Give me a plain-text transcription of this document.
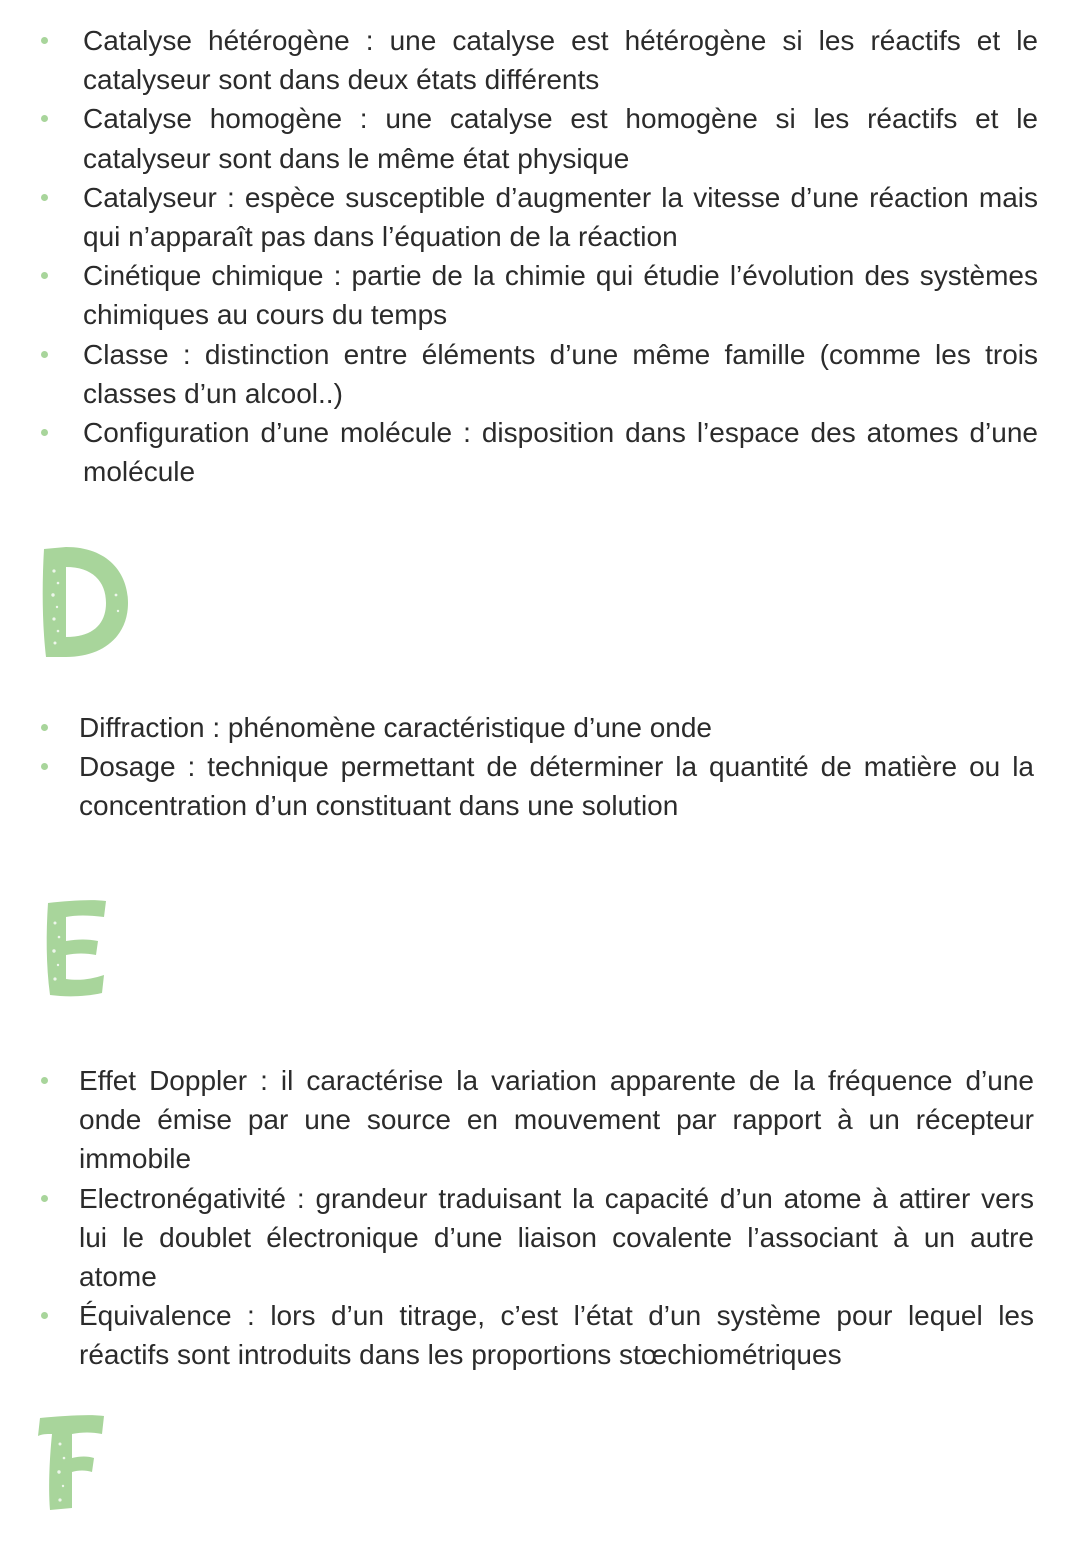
Catalyse hétérogène : une catalyse est hétérogène si les réactifs et le catalyseur sont dans deux états différents
Catalyse homogène : une catalyse est homogène si les réactifs et le catalyseur sont dans le même état physique
Catalyseur : espèce susceptible d’augmenter la vitesse d’une réaction mais qui n’apparaît pas dans l’équation de la réaction
Cinétique chimique : partie de la chimie qui étudie l’évolution des systèmes chimiques au cours du temps
Classe : distinction entre éléments d’une même famille (comme les trois classes d’un alcool..)
Configuration d’une molécule : disposition dans l’espace des atomes d’une molécule
Diffraction : phénomène caractéristique d’une onde
Dosage : technique permettant de déterminer la quantité de matière ou la concentration d’un constituant dans une solution
Effet Doppler : il caractérise la variation apparente de la fréquence d’une onde émise par une source en mouvement par rapport à un récepteur immobile
Electronégativité : grandeur traduisant la capacité d’un atome à attirer vers lui le doublet électronique d’une liaison covalente l’associant à un autre atome
Équivalence : lors d’un titrage, c’est l’état d’un système pour lequel les réactifs sont introduits dans les proportions stœchiométriques
